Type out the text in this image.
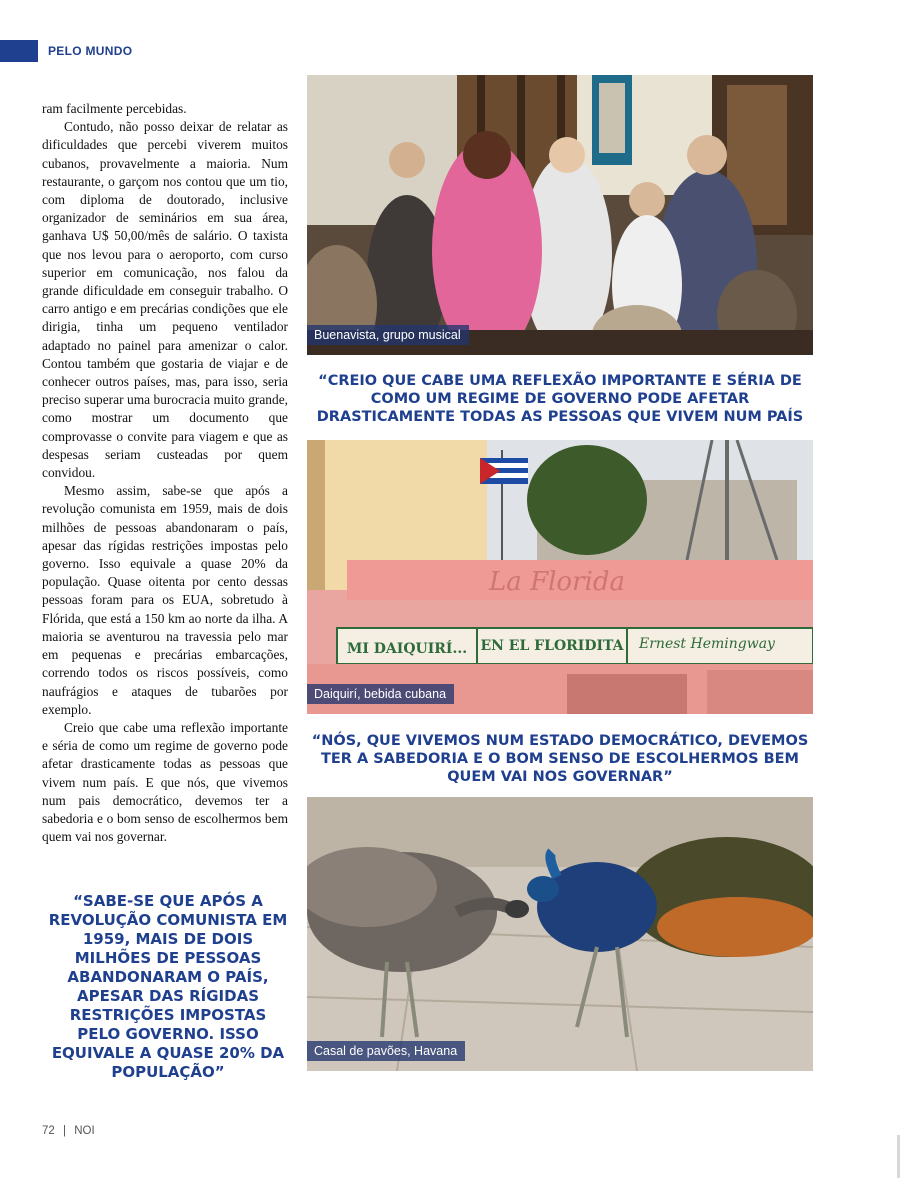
PELO MUNDO

ram facilmente percebidas.

Contudo, não posso deixar de relatar as dificuldades que percebi viverem muitos cubanos, provavelmente a maioria. Num restaurante, o garçom nos contou que um tio, com diploma de doutorado, inclusive organizador de seminários em sua área, ganhava U$ 50,00/mês de salário. O taxista que nos levou para o aeroporto, com curso superior em comunicação, nos falou da grande dificuldade em conseguir trabalho. O carro antigo e em precárias condições que ele dirigia, tinha um pequeno ventilador adaptado no painel para amenizar o calor. Contou também que gostaria de viajar e de conhecer outros países, mas, para isso, seria preciso superar uma burocracia muito grande, como mostrar um documento que comprovasse o convite para viagem e que as despesas seriam custeadas por quem convidou.

Mesmo assim, sabe-se que após a revolução comunista em 1959, mais de dois milhões de pessoas abandonaram o país, apesar das rígidas restrições impostas pelo governo. Isso equivale a quase 20% da população. Quase oitenta por cento dessas pessoas foram para os EUA, sobretudo à Flórida, que está a 150 km ao norte da ilha. A maioria se aventurou na travessia pelo mar em pequenas e precárias embarcações, correndo todos os riscos possíveis, como naufrágios e ataques de tubarões por exemplo.

Creio que cabe uma reflexão importante e séria de como um regime de governo pode afetar drasticamente todas as pessoas que vivem num país. E que nós, que vivemos num pais democrático, devemos ter a sabedoria e o bom senso de escolhermos bem quem vai nos governar.

“SABE-SE QUE APÓS A REVOLUÇÃO COMUNISTA EM 1959, MAIS DE DOIS MILHÕES DE PESSOAS ABANDONARAM O PAÍS, APESAR DAS RÍGIDAS RESTRIÇÕES IMPOSTAS PELO GOVERNO. ISSO EQUIVALE A QUASE 20% DA POPULAÇÃO”
Buenavista, grupo musical
“CREIO QUE CABE UMA REFLEXÃO IMPORTANTE E SÉRIA DE COMO UM REGIME DE GOVERNO PODE AFETAR DRASTICAMENTE TODAS AS PESSOAS QUE VIVEM NUM PAÍS
La Florida
MI DAIQUIRÍ... EN EL FLORIDITA Ernest Hemingway
Daiquirí, bebida cubana
“NÓS, QUE VIVEMOS NUM ESTADO DEMOCRÁTICO, DEVEMOS TER A SABEDORIA E O BOM SENSO DE ESCOLHERMOS BEM QUEM VAI NOS GOVERNAR”
Casal de pavões, Havana
72 | NOI
